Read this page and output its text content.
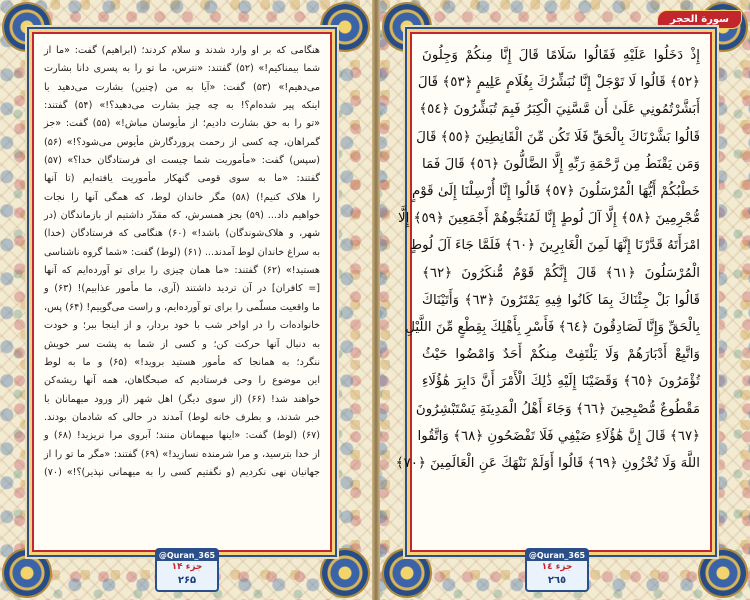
هنگامی که بر او وارد شدند و سلام کردند؛ (ابراهیم) گفت: «ما از
شما بیمناکیم!» (۵۲) گفتند: «نترس، ما تو را به پسری دانا بشارت
می‌دهیم!» (۵۳) گفت: «آیا به من (چنین) بشارت می‌دهید با
اینکه پیر شده‌ام؟! به چه چیز بشارت می‌دهید؟!» (۵۴) گفتند:
«تو را به حق بشارت دادیم؛ از مأیوسان مباش!» (۵۵) گفت: «جز
گمراهان، چه کسی از رحمت پروردگارش مأیوس می‌شود؟!» (۵۶)
(سپس) گفت: «مأموریت شما چیست ای فرستادگان خدا؟» (۵۷)
گفتند: «ما به سوی قومی گنهکار مأموریت یافته‌ایم (تا آنها
را هلاک کنیم!) (۵۸) مگر خاندان لوط، که همگی آنها را نجات
خواهیم داد... (۵۹) بجز همسرش، که مقدّر داشتیم از بازماندگان (در
شهر، و هلاک‌شوندگان) باشد!» (۶۰) هنگامی که فرستادگان (خدا)
به سراغ خاندان لوط آمدند... (۶۱) (لوط) گفت: «شما گروه ناشناسی
هستید!» (۶۲) گفتند: «ما همان چیزی را برای تو آورده‌ایم که آنها
[= کافران] در آن تردید داشتند (آری، ما مأمور عذابیم)! (۶۳) و
ما واقعیت مسلّمی را برای تو آورده‌ایم، و راست می‌گوییم! (۶۴) پس،
خانواده‌ات را در اواخر شب با خود بردار، و از اینجا ببر؛ و خودت
به دنبال آنها حرکت کن؛ و کسی از شما به پشت سر خویش
ننگرد؛ به همانجا که مأمور هستید بروید!» (۶۵) و ما به لوط
این موضوع را وحی فرستادیم که صبحگاهان، همه آنها ریشه‌کن
خواهند شد! (۶۶) (از سوی دیگر) اهل شهر (از ورود میهمانان با
خبر شدند، و بطرف خانه لوط) آمدند در حالی که شادمان بودند.
(۶۷) (لوط) گفت: «اینها میهمانان منند؛ آبروی مرا نریزید! (۶۸) و
از خدا بترسید، و مرا شرمنده نسازید!» (۶۹) گفتند: «مگر ما تو را از
جهانیان نهی نکردیم (و نگفتیم کسی را به میهمانی نپذیر)؟!» (۷۰)
@Quran_365
جزء ۱۴
۲۶۵
سورة الحجر
إِذْ دَخَلُوا عَلَيْهِ فَقَالُوا سَلَامًا قَالَ إِنَّا مِنكُمْ وَجِلُونَ
﴿٥٢﴾ قَالُوا لَا تَوْجَلْ إِنَّا نُبَشِّرُكَ بِغُلَامٍ عَلِيمٍ ﴿٥٣﴾ قَالَ
أَبَشَّرْتُمُونِي عَلَىٰ أَن مَّسَّنِيَ الْكِبَرُ فَبِمَ تُبَشِّرُونَ ﴿٥٤﴾
قَالُوا بَشَّرْنَاكَ بِالْحَقِّ فَلَا تَكُن مِّنَ الْقَانِطِينَ ﴿٥٥﴾ قَالَ
وَمَن يَقْنَطُ مِن رَّحْمَةِ رَبِّهِ إِلَّا الضَّالُّونَ ﴿٥٦﴾ قَالَ فَمَا
خَطْبُكُمْ أَيُّهَا الْمُرْسَلُونَ ﴿٥٧﴾ قَالُوا إِنَّا أُرْسِلْنَا إِلَىٰ قَوْمٍ
مُّجْرِمِينَ ﴿٥٨﴾ إِلَّا آلَ لُوطٍ إِنَّا لَمُنَجُّوهُمْ أَجْمَعِينَ ﴿٥٩﴾ إِلَّا
امْرَأَتَهُ قَدَّرْنَا إِنَّهَا لَمِنَ الْغَابِرِينَ ﴿٦٠﴾ فَلَمَّا جَاءَ آلَ لُوطٍ
الْمُرْسَلُونَ ﴿٦١﴾ قَالَ إِنَّكُمْ قَوْمٌ مُّنكَرُونَ ﴿٦٢﴾
قَالُوا بَلْ جِئْنَاكَ بِمَا كَانُوا فِيهِ يَمْتَرُونَ ﴿٦٣﴾ وَأَتَيْنَاكَ
بِالْحَقِّ وَإِنَّا لَصَادِقُونَ ﴿٦٤﴾ فَأَسْرِ بِأَهْلِكَ بِقِطْعٍ مِّنَ اللَّيْلِ
وَاتَّبِعْ أَدْبَارَهُمْ وَلَا يَلْتَفِتْ مِنكُمْ أَحَدٌ وَامْضُوا حَيْثُ
تُؤْمَرُونَ ﴿٦٥﴾ وَقَضَيْنَا إِلَيْهِ ذَٰلِكَ الْأَمْرَ أَنَّ دَابِرَ هَٰؤُلَاءِ
مَقْطُوعٌ مُّصْبِحِينَ ﴿٦٦﴾ وَجَاءَ أَهْلُ الْمَدِينَةِ يَسْتَبْشِرُونَ
﴿٦٧﴾ قَالَ إِنَّ هَٰؤُلَاءِ ضَيْفِي فَلَا تَفْضَحُونِ ﴿٦٨﴾ وَاتَّقُوا
اللَّهَ وَلَا تُخْزُونِ ﴿٦٩﴾ قَالُوا أَوَلَمْ نَنْهَكَ عَنِ الْعَالَمِينَ ﴿٧٠﴾
@Quran_365
جزء ۱٤
۲٦٥
